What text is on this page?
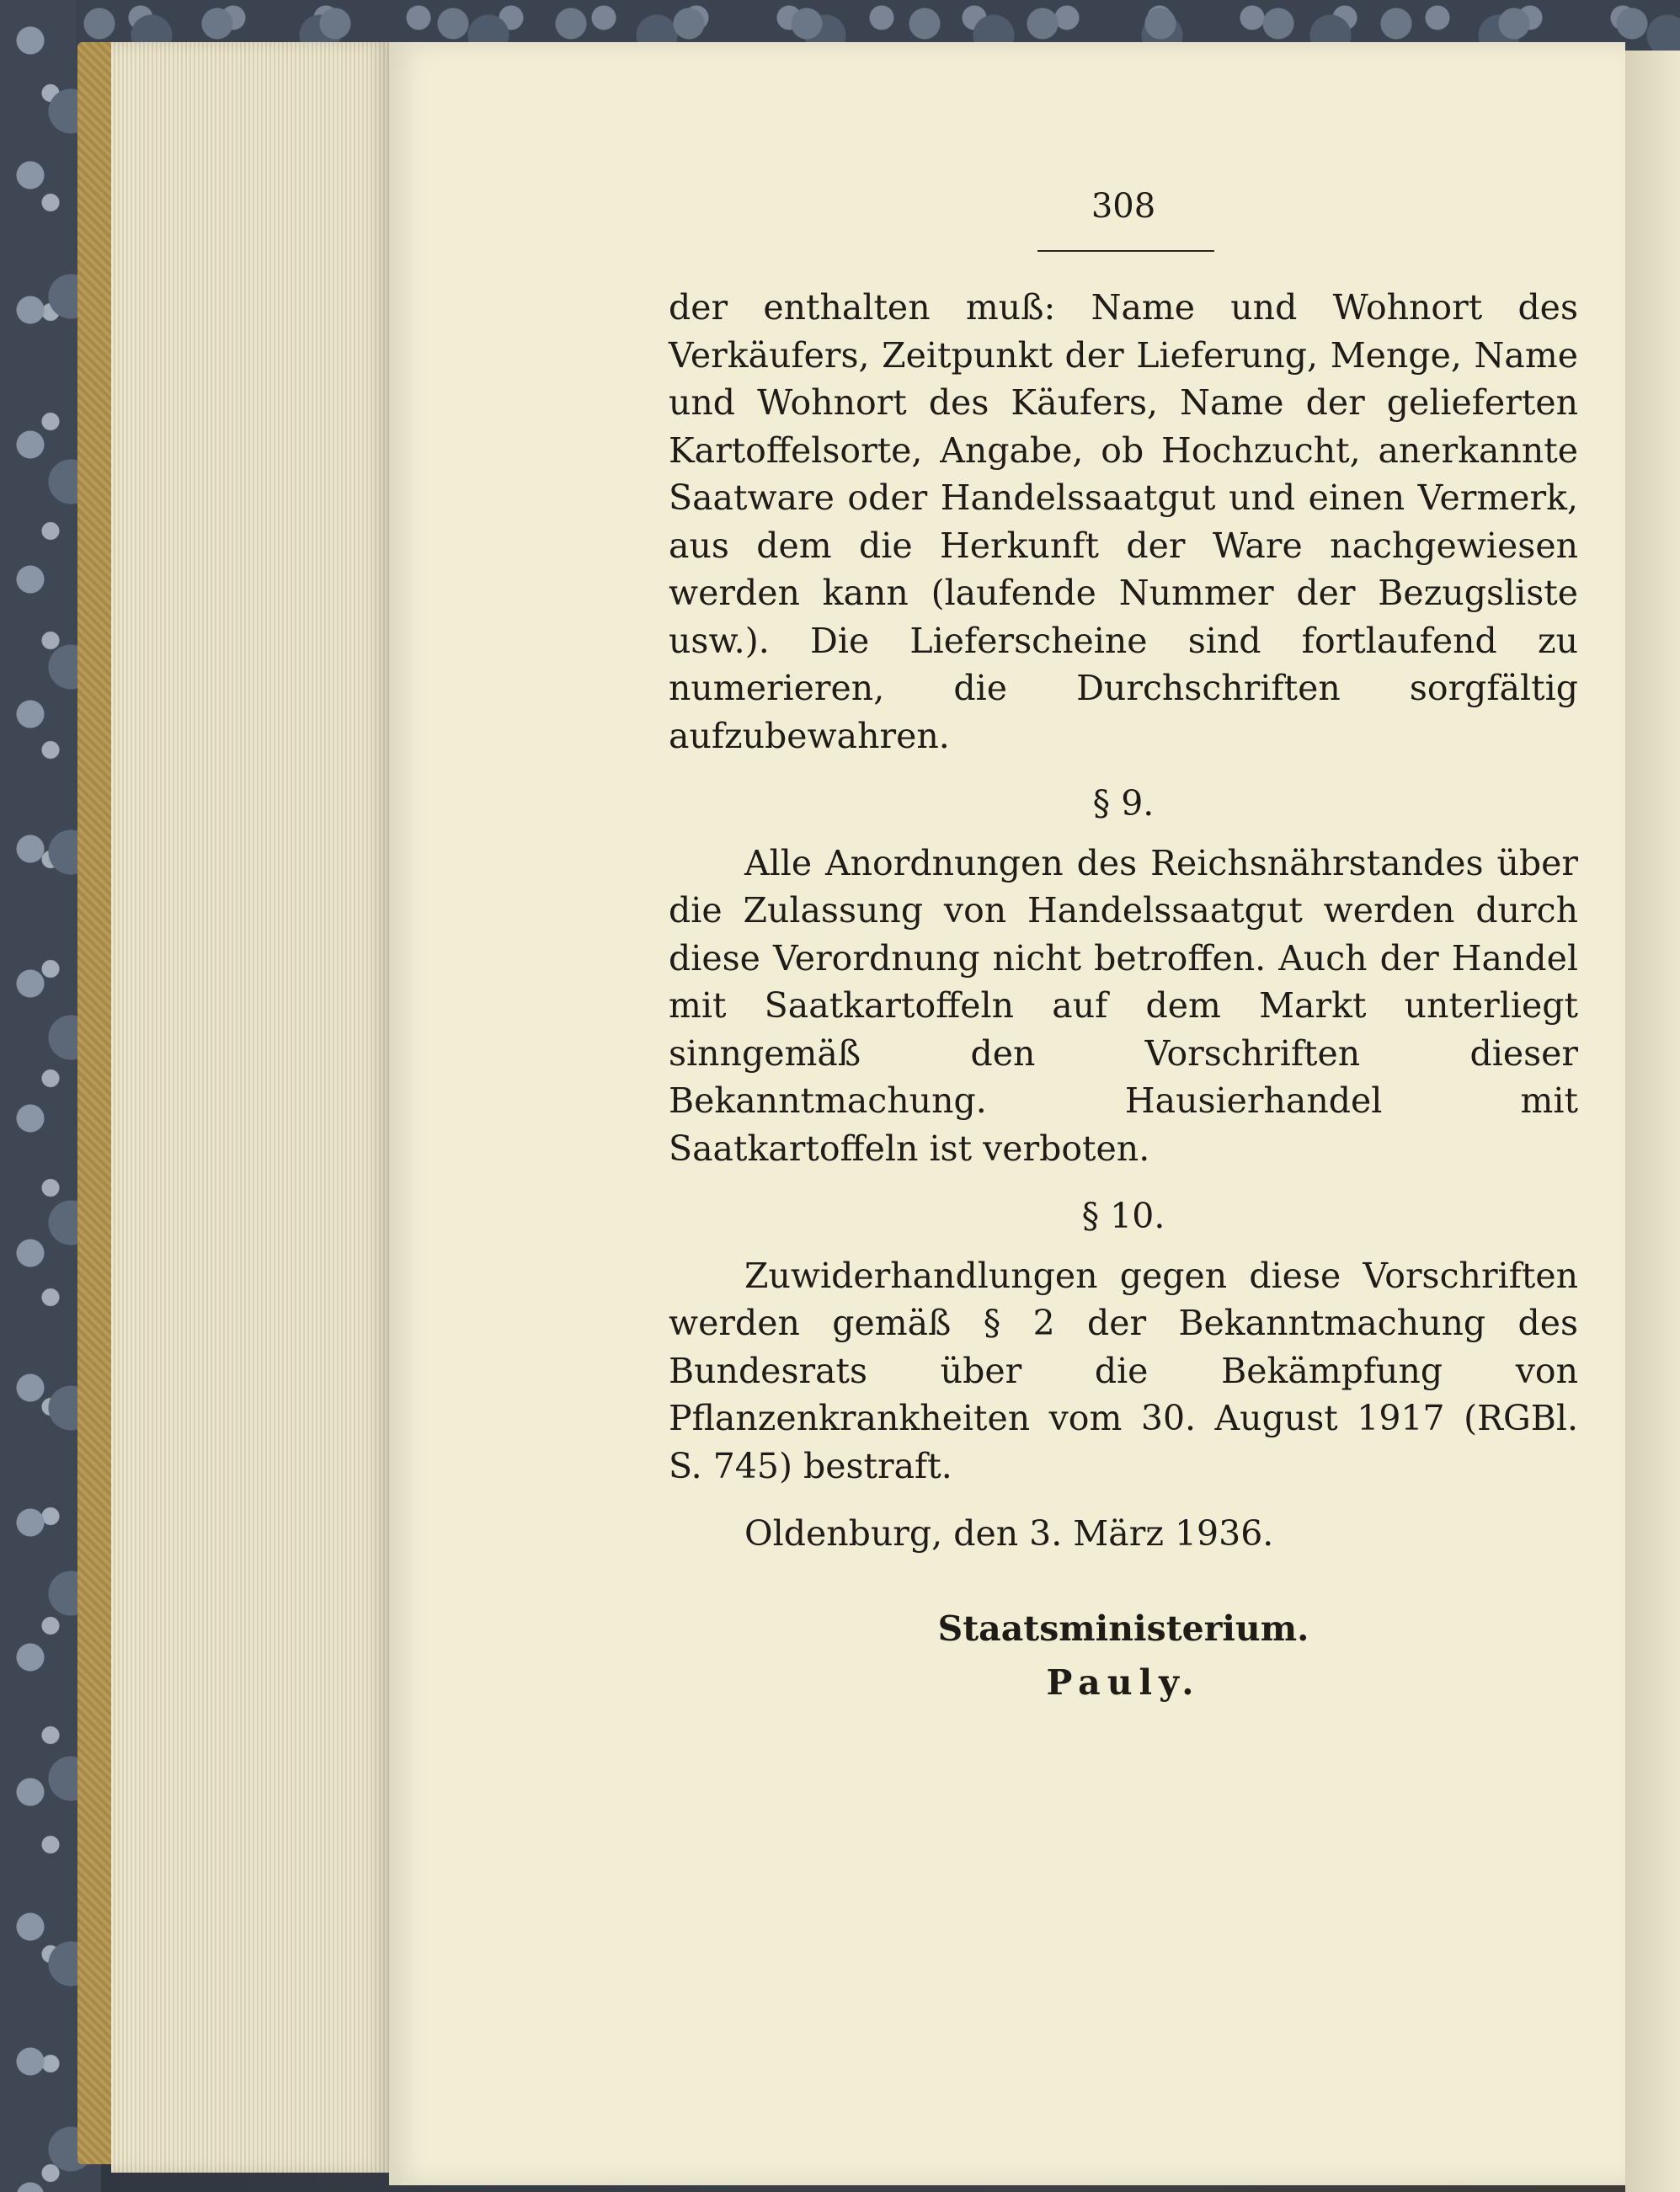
308

der enthalten muß: Name und Wohnort des Verkäufers, Zeitpunkt der Lieferung, Menge, Name und Wohnort des Käufers, Name der gelieferten Kartoffelsorte, Angabe, ob Hochzucht, anerkannte Saatware oder Handelssaatgut und einen Vermerk, aus dem die Herkunft der Ware nachgewiesen werden kann (laufende Nummer der Bezugsliste usw.). Die Lieferscheine sind fortlaufend zu numerieren, die Durchschriften sorgfältig aufzubewahren.

§ 9.

Alle Anordnungen des Reichsnährstandes über die Zulassung von Handelssaatgut werden durch diese Verordnung nicht betroffen. Auch der Handel mit Saatkartoffeln auf dem Markt unterliegt sinngemäß den Vorschriften dieser Bekanntmachung. Hausierhandel mit Saatkartoffeln ist verboten.

§ 10.

Zuwiderhandlungen gegen diese Vorschriften werden gemäß § 2 der Bekanntmachung des Bundesrats über die Bekämpfung von Pflanzenkrankheiten vom 30. August 1917 (RGBl. S. 745) bestraft.

Oldenburg, den 3. März 1936.
Staatsministerium.
Pauly.
